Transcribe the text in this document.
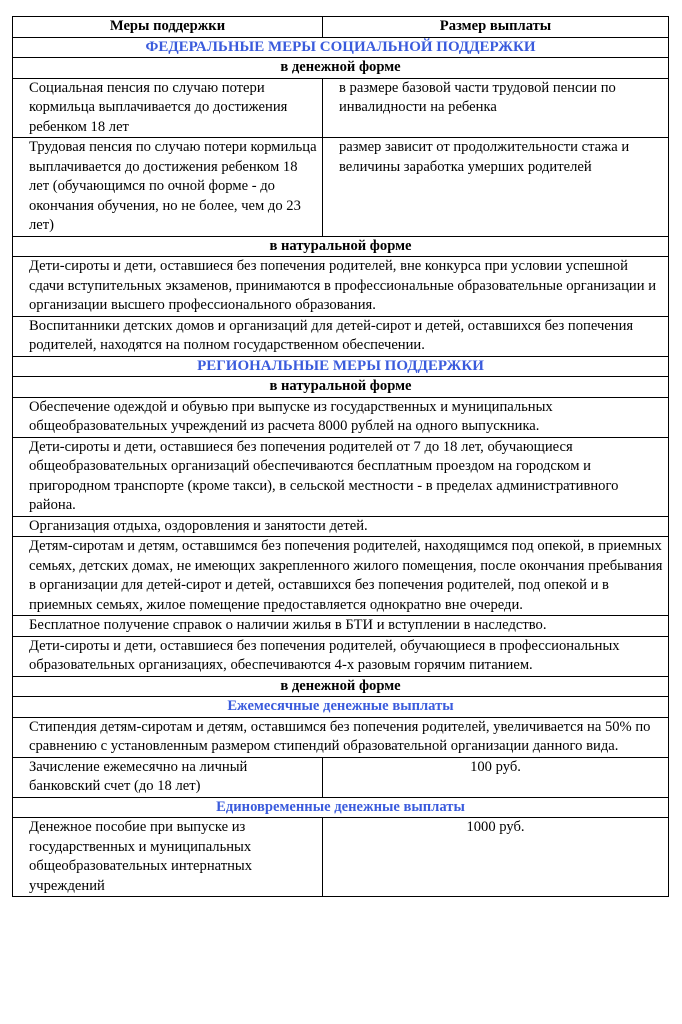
Меры поддержки	Размер выплаты
ФЕДЕРАЛЬНЫЕ МЕРЫ СОЦИАЛЬНОЙ ПОДДЕРЖКИ	
в денежной форме	
Социальная пенсия по случаю потери кормильца выплачивается до достижения ребенком 18 лет	в размере базовой части трудовой пенсии по инвалидности на ребенка

Трудовая пенсия по случаю потери кормильца выплачивается до достижения ребенком 18 лет (обучающимся по очной форме - до окончания обучения, но не более, чем до 23 лет)	размер зависит от продолжительности стажа и величины заработка умерших родителей
в натуральной форме	
Дети-сироты и дети, оставшиеся без попечения родителей, вне конкурса при условии успешной сдачи вступительных экзаменов, принимаются в профессиональные образовательные организации и организации высшего профессионального образования.	
Воспитанники детских домов и организаций для детей-сирот и детей, оставшихся без попечения родителей, находятся на полном государственном обеспечении.	
РЕГИОНАЛЬНЫЕ МЕРЫ ПОДДЕРЖКИ	
в натуральной форме	
Обеспечение одеждой и обувью при выпуске из государственных и муниципальных общеобразовательных учреждений из расчета 8000 рублей на одного выпускника.	
Дети-сироты и дети, оставшиеся без попечения родителей от 7 до 18 лет, обучающиеся общеобразовательных организаций обеспечиваются бесплатным проездом на городском и пригородном транспорте (кроме такси), в сельской местности - в пределах административного района.	
Организация отдыха, оздоровления и занятости детей.	
Детям-сиротам и детям, оставшимся без попечения родителей, находящимся под опекой, в приемных семьях, детских домах, не имеющих закрепленного жилого помещения, после окончания пребывания в организации для детей-сирот и детей, оставшихся без попечения родителей, под опекой и в приемных семьях, жилое помещение предоставляется однократно вне очереди.	
Бесплатное получение справок о наличии жилья в БТИ и вступлении в наследство.	
Дети-сироты и дети, оставшиеся без попечения родителей, обучающиеся в профессиональных образовательных организациях, обеспечиваются 4-х разовым горячим питанием.	
в денежной форме	
Ежемесячные денежные выплаты	
Стипендия детям-сиротам и детям, оставшимся без попечения родителей, увеличивается на 50% по сравнению с установленным размером стипендий образовательной организации данного вида.	
Зачисление ежемесячно на личный банковский счет (до 18 лет)	100 руб.
Единовременные денежные выплаты	
Денежное пособие при выпуске из государственных и муниципальных общеобразовательных интернатных учреждений	1000 руб.
